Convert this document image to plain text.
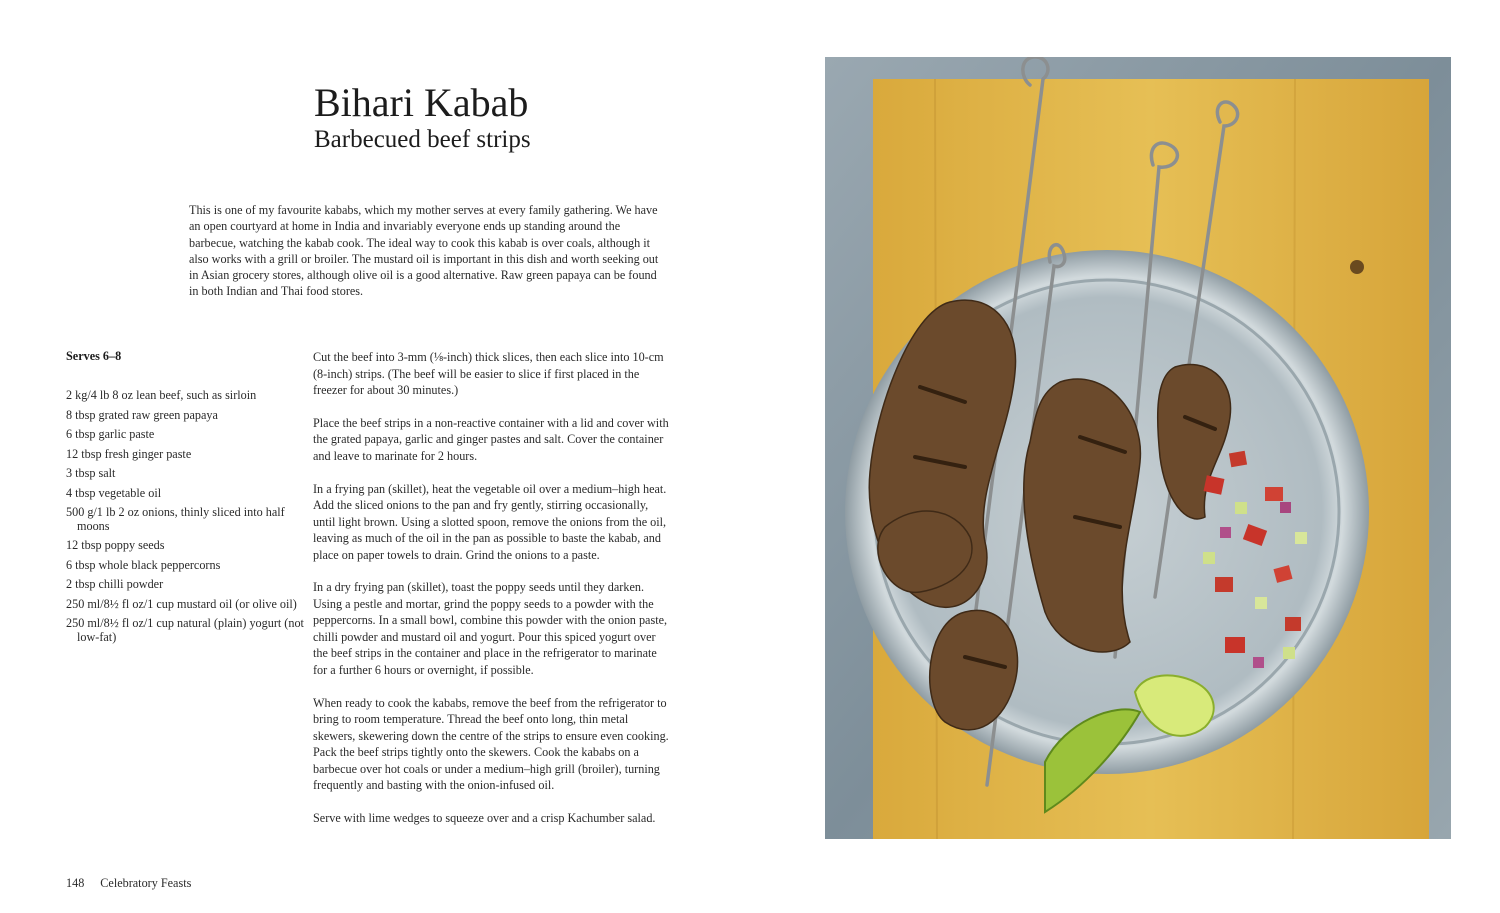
Bihari Kabab
Barbecued beef strips

This is one of my favourite kababs, which my mother serves at every family gathering. We have an open courtyard at home in India and invariably everyone ends up standing around the barbecue, watching the kabab cook. The ideal way to cook this kabab is over coals, although it also works with a grill or broiler. The mustard oil is important in this dish and worth seeking out in Asian grocery stores, although olive oil is a good alternative. Raw green papaya can be found in both Indian and Thai food stores.

Serves 6–8
2 kg/4 lb 8 oz lean beef, such as sirloin
8 tbsp grated raw green papaya
6 tbsp garlic paste
12 tbsp fresh ginger paste
3 tbsp salt
4 tbsp vegetable oil
500 g/1 lb 2 oz onions, thinly sliced into half moons
12 tbsp poppy seeds
6 tbsp whole black peppercorns
2 tbsp chilli powder
250 ml/8½ fl oz/1 cup mustard oil (or olive oil)
250 ml/8½ fl oz/1 cup natural (plain) yogurt (not low-fat)

Cut the beef into 3-mm (⅛-inch) thick slices, then each slice into 10-cm (8-inch) strips. (The beef will be easier to slice if first placed in the freezer for about 30 minutes.)

Place the beef strips in a non-reactive container with a lid and cover with the grated papaya, garlic and ginger pastes and salt. Cover the container and leave to marinate for 2 hours.

In a frying pan (skillet), heat the vegetable oil over a medium–high heat. Add the sliced onions to the pan and fry gently, stirring occasionally, until light brown. Using a slotted spoon, remove the onions from the oil, leaving as much of the oil in the pan as possible to baste the kabab, and place on paper towels to drain. Grind the onions to a paste.

In a dry frying pan (skillet), toast the poppy seeds until they darken. Using a pestle and mortar, grind the poppy seeds to a powder with the peppercorns. In a small bowl, combine this powder with the onion paste, chilli powder and mustard oil and yogurt. Pour this spiced yogurt over the beef strips in the container and place in the refrigerator to marinate for a further 6 hours or overnight, if possible.

When ready to cook the kababs, remove the beef from the refrigerator to bring to room temperature. Thread the beef onto long, thin metal skewers, skewering down the centre of the strips to ensure even cooking. Pack the beef strips tightly onto the skewers. Cook the kababs on a barbecue over hot coals or under a medium–high grill (broiler), turning frequently and basting with the onion-infused oil.

Serve with lime wedges to squeeze over and a crisp Kachumber salad.

148 Celebratory Feasts
